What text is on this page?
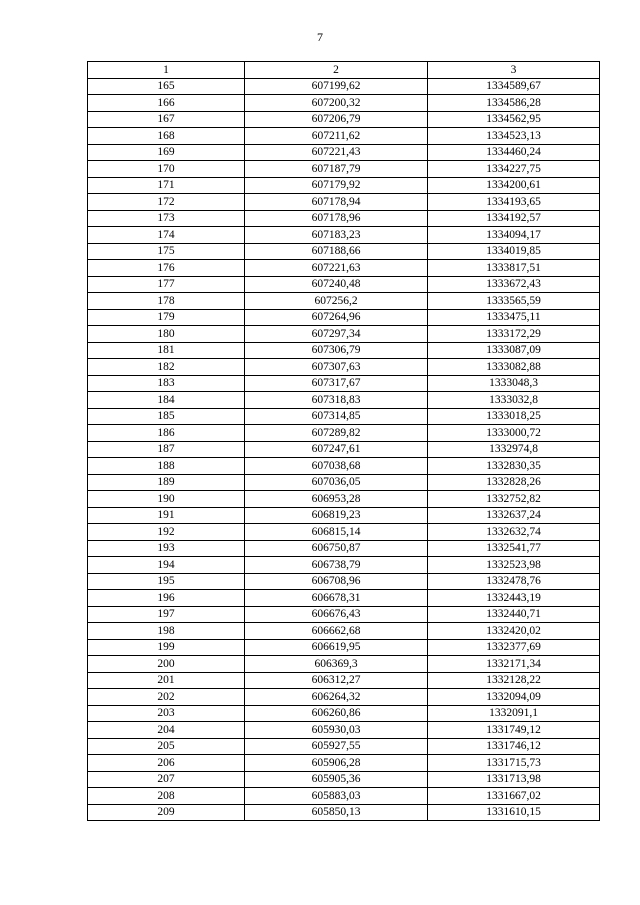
7
1	2	3
165	607199,62	1334589,67
166	607200,32	1334586,28
167	607206,79	1334562,95
168	607211,62	1334523,13
169	607221,43	1334460,24
170	607187,79	1334227,75
171	607179,92	1334200,61
172	607178,94	1334193,65
173	607178,96	1334192,57
174	607183,23	1334094,17
175	607188,66	1334019,85
176	607221,63	1333817,51
177	607240,48	1333672,43
178	607256,2	1333565,59
179	607264,96	1333475,11
180	607297,34	1333172,29
181	607306,79	1333087,09
182	607307,63	1333082,88
183	607317,67	1333048,3
184	607318,83	1333032,8
185	607314,85	1333018,25
186	607289,82	1333000,72
187	607247,61	1332974,8
188	607038,68	1332830,35
189	607036,05	1332828,26
190	606953,28	1332752,82
191	606819,23	1332637,24
192	606815,14	1332632,74
193	606750,87	1332541,77
194	606738,79	1332523,98
195	606708,96	1332478,76
196	606678,31	1332443,19
197	606676,43	1332440,71
198	606662,68	1332420,02
199	606619,95	1332377,69
200	606369,3	1332171,34
201	606312,27	1332128,22
202	606264,32	1332094,09
203	606260,86	1332091,1
204	605930,03	1331749,12
205	605927,55	1331746,12
206	605906,28	1331715,73
207	605905,36	1331713,98
208	605883,03	1331667,02
209	605850,13	1331610,15
